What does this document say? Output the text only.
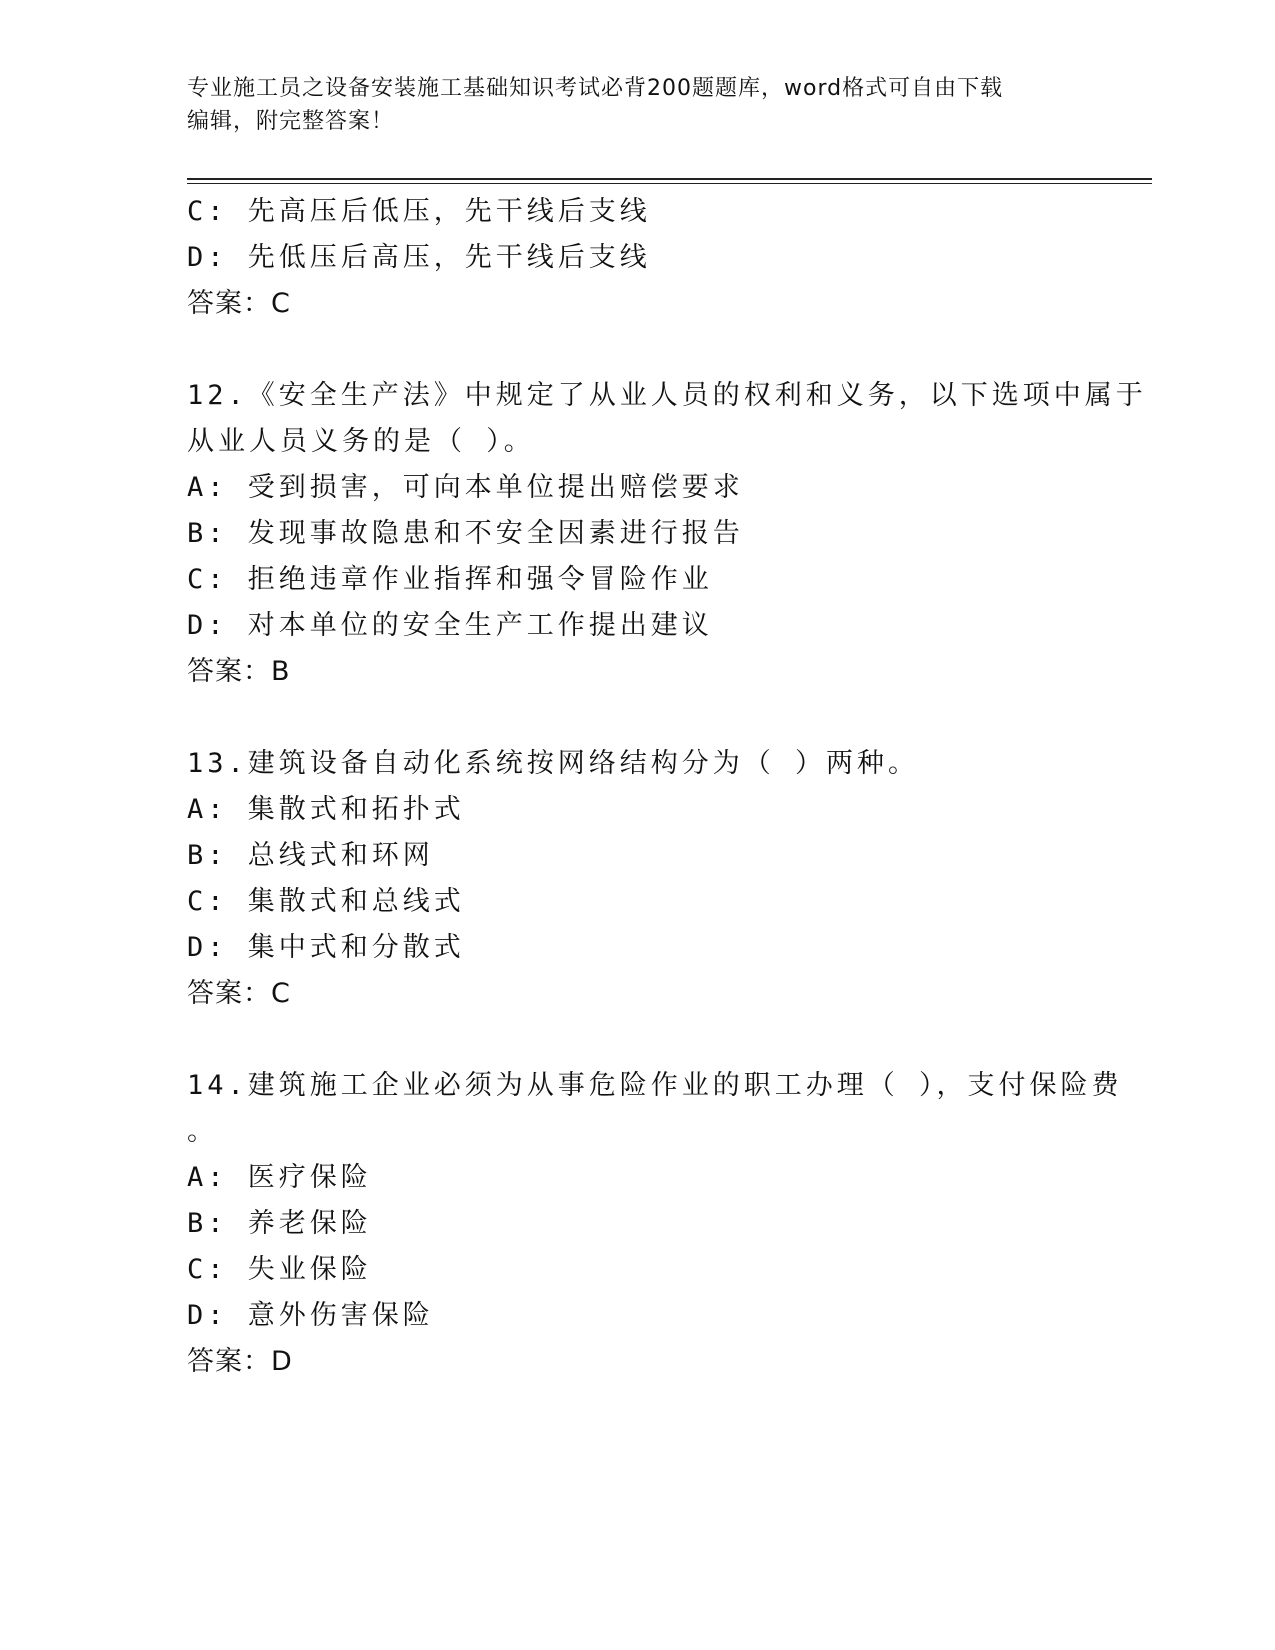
专业施工员之设备安装施工基础知识考试必背200题题库，word格式可自由下载
编辑，附完整答案！
C: 先高压后低压，先干线后支线
D: 先低压后高压，先干线后支线
答案：C
12.《安全生产法》中规定了从业人员的权利和义务，以下选项中属于
从业人员义务的是（ ）。
A: 受到损害，可向本单位提出赔偿要求
B: 发现事故隐患和不安全因素进行报告
C: 拒绝违章作业指挥和强令冒险作业
D: 对本单位的安全生产工作提出建议
答案：B
13.建筑设备自动化系统按网络结构分为（ ）两种。
A: 集散式和拓扑式
B: 总线式和环网
C: 集散式和总线式
D: 集中式和分散式
答案：C
14.建筑施工企业必须为从事危险作业的职工办理（ ），支付保险费
。
A: 医疗保险
B: 养老保险
C: 失业保险
D: 意外伤害保险
答案：D
